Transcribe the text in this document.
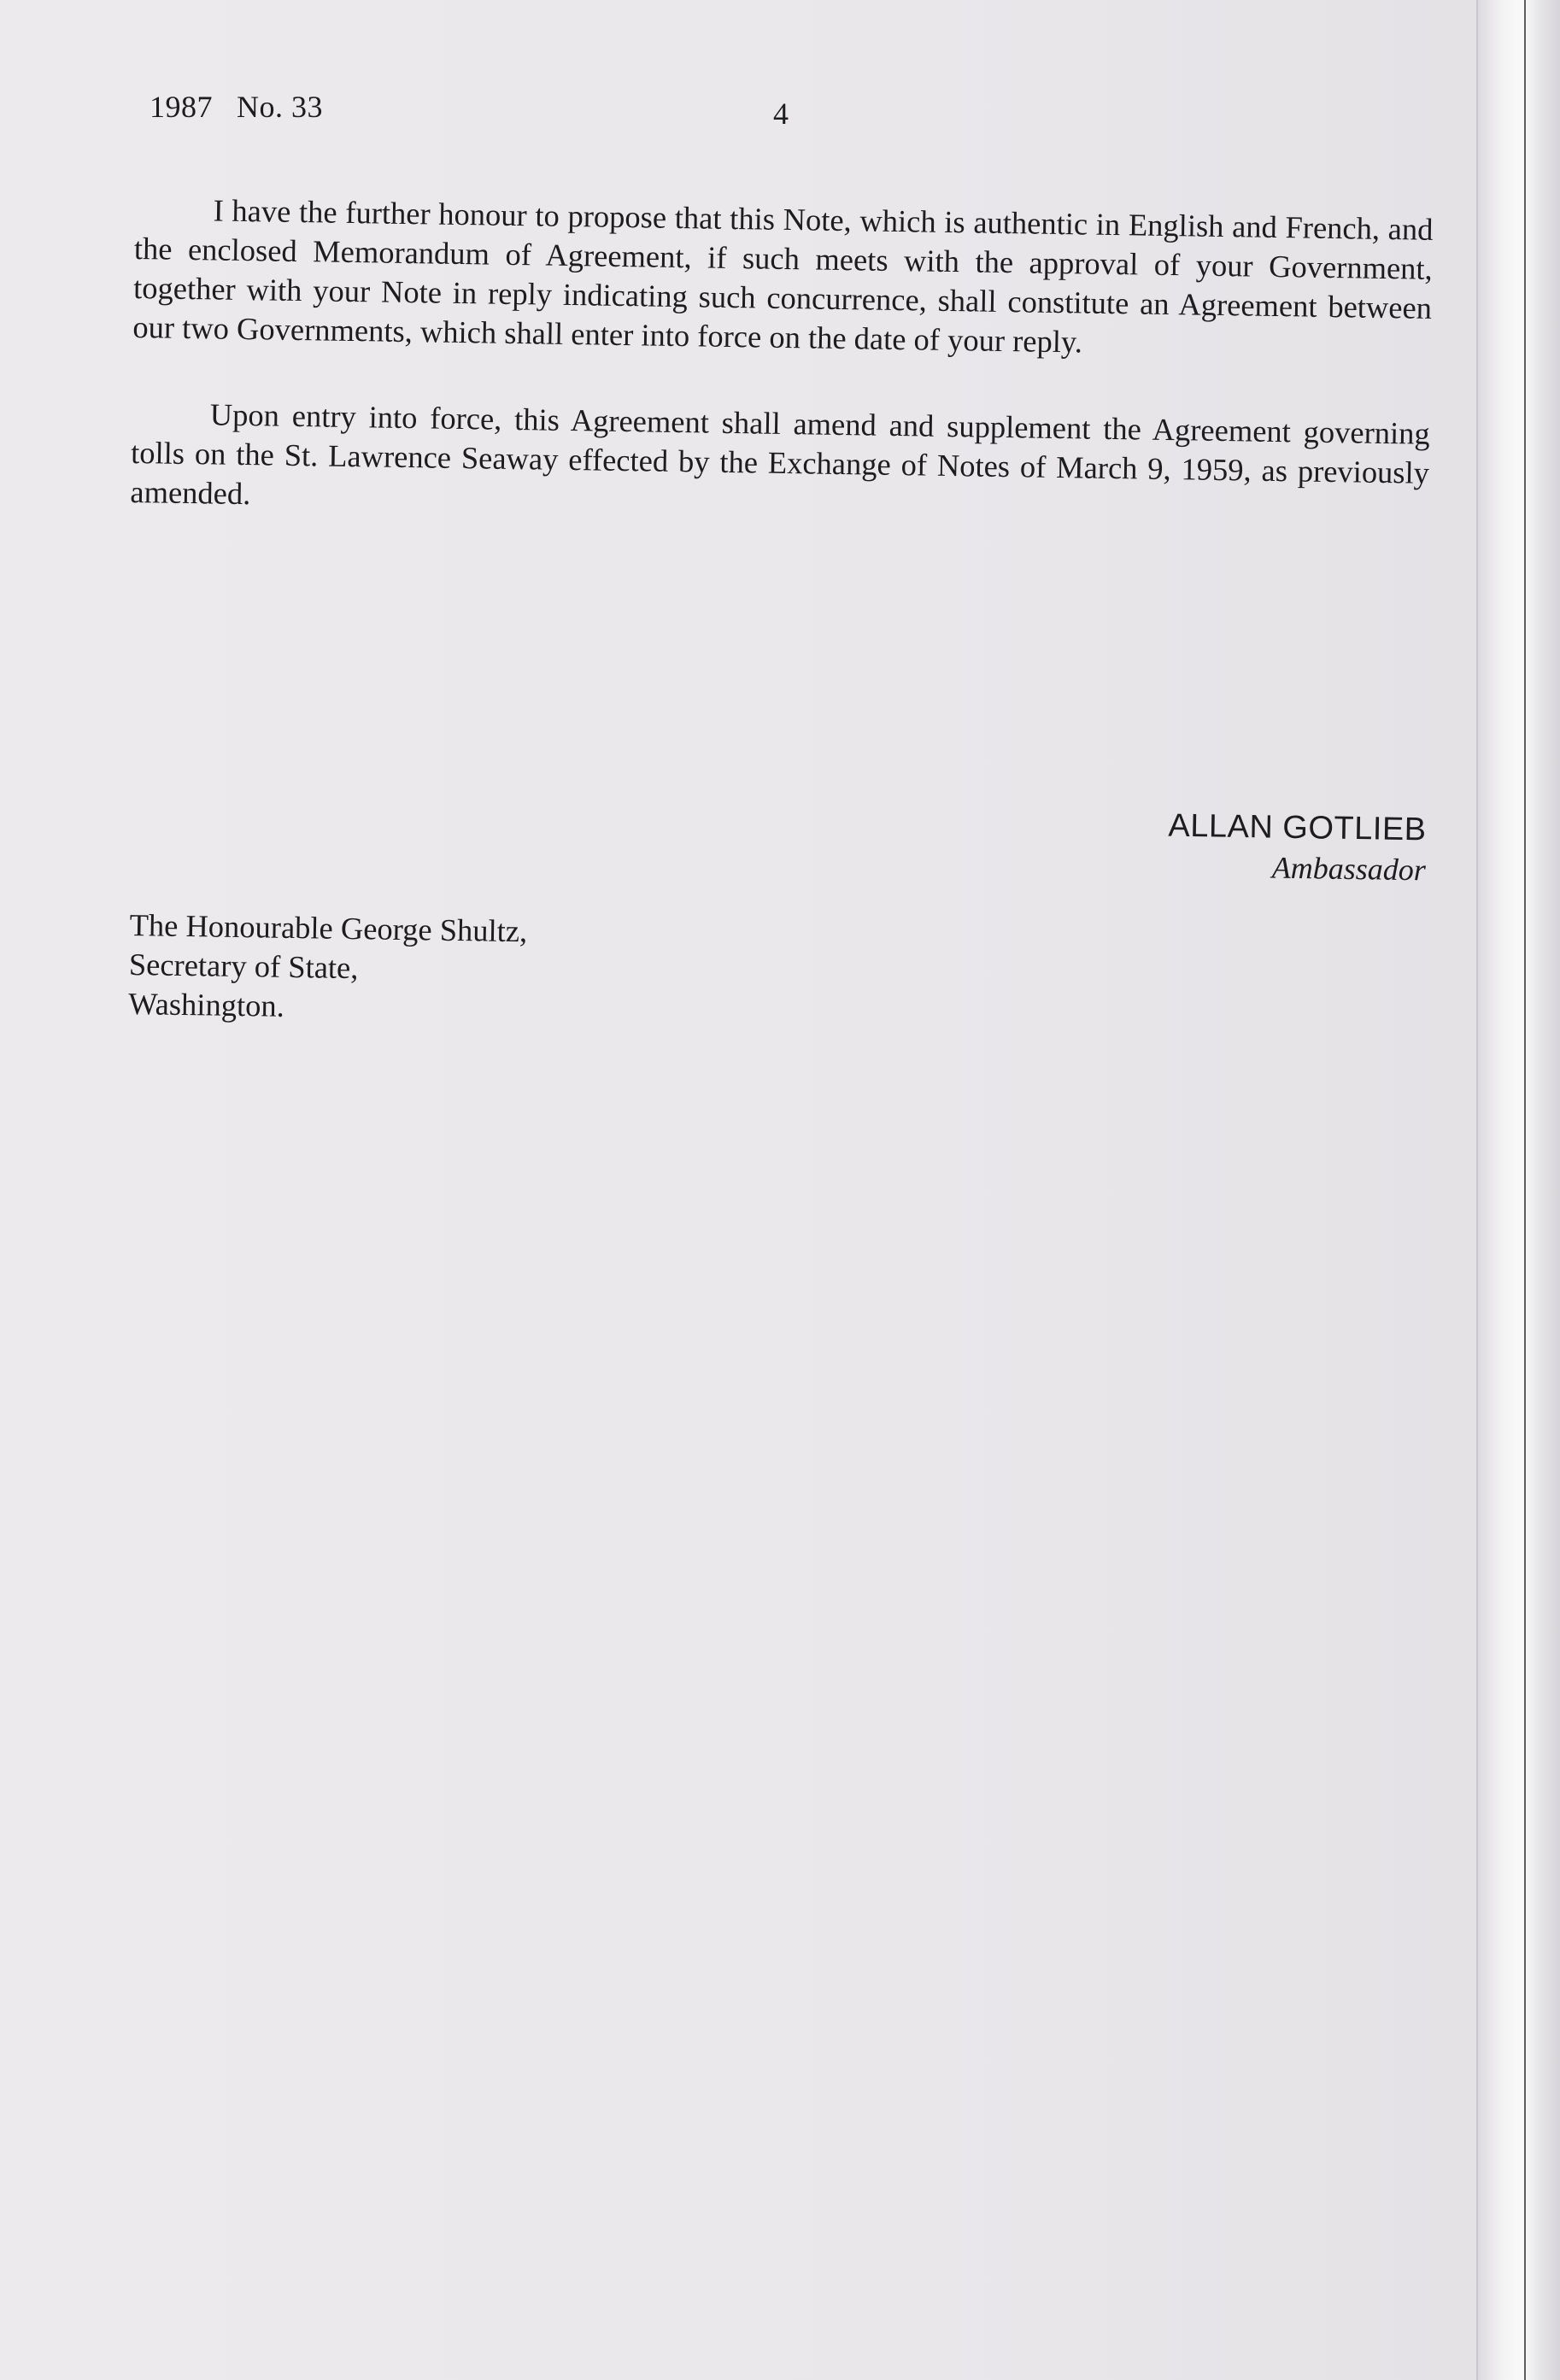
1987 No. 33	4

I have the further honour to propose that this Note, which is authentic in English and French, and the enclosed Memorandum of Agreement, if such meets with the approval of your Government, together with your Note in reply indicating such concurrence, shall constitute an Agreement between our two Governments, which shall enter into force on the date of your reply.

Upon entry into force, this Agreement shall amend and supplement the Agreement governing tolls on the St. Lawrence Seaway effected by the Exchange of Notes of March 9, 1959, as previously amended.

ALLAN GOTLIEB
Ambassador
The Honourable George Shultz,
Secretary of State,
Washington.
